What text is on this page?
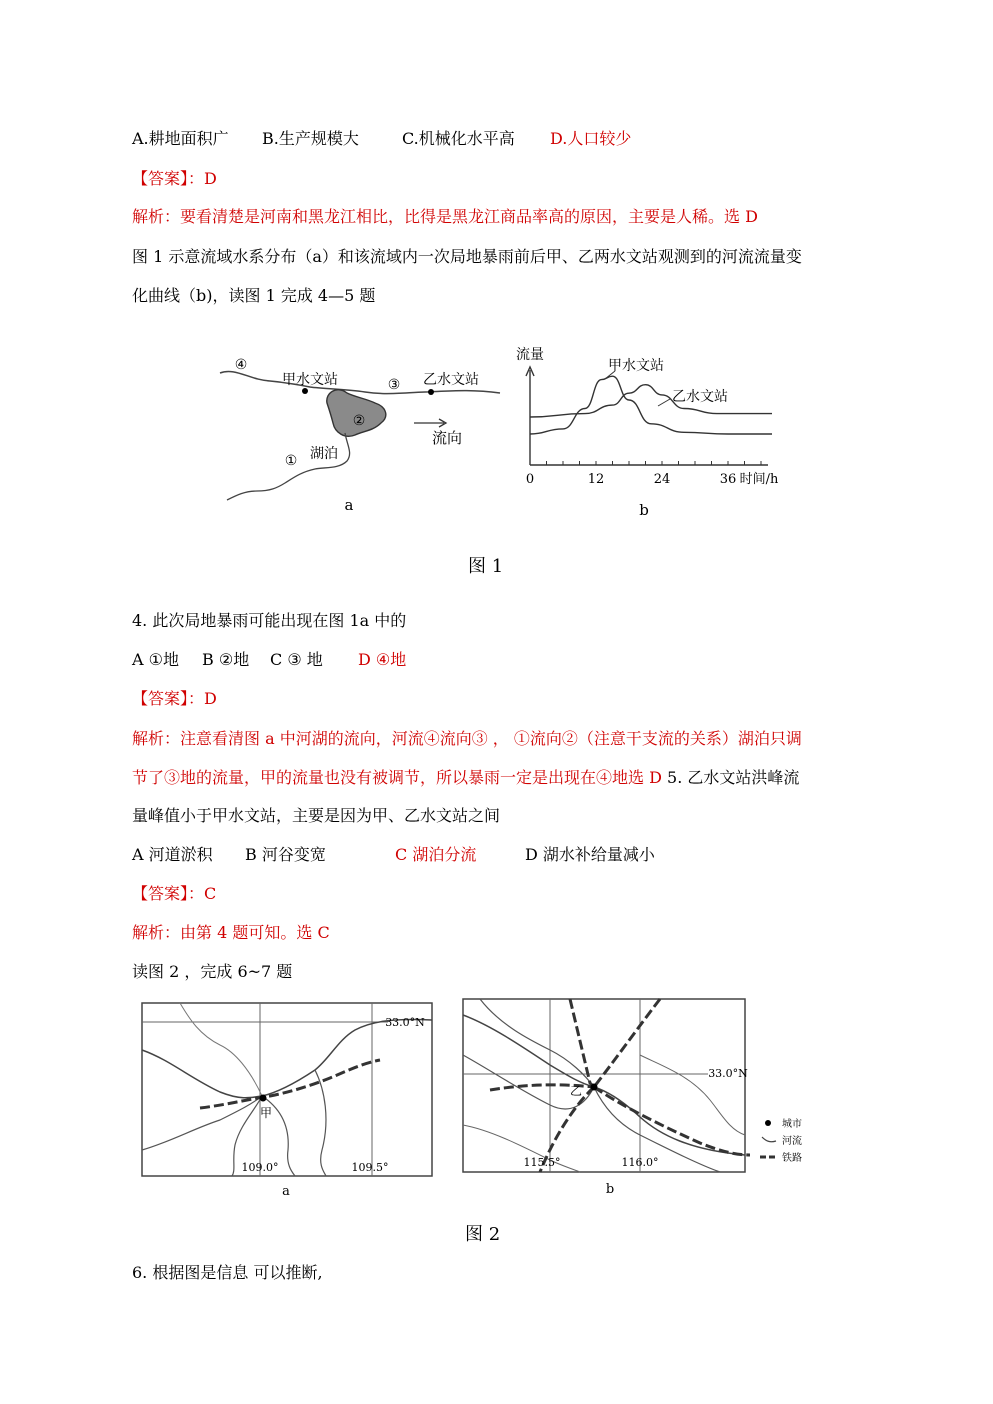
A.耕地面积广 B.生产规模大	C.机械化水平高 D.人口较少
【答案】：D
解析：要看清楚是河南和黑龙江相比，比得是黑龙江商品率高的原因，主要是人稀。选 D
图 1 示意流域水系分布（a）和该流域内一次局地暴雨前后甲、乙两水文站观测到的河流流量变
化曲线（b)，读图 1 完成 4—5 题
④
甲水文站	③ 乙水文站
②
流向
湖泊
①
a
流量
甲水文站
乙水文站
0	12	24	36 时间/h
b
图 1
4. 此次局地暴雨可能出现在图 1a 中的
A ①地 B ②地 C ③ 地 D ④地
【答案】：D
解析：注意看清图 a 中河湖的流向，河流④流向③ ， ①流向②（注意干支流的关系）湖泊只调
节了③地的流量，甲的流量也没有被调节，所以暴雨一定是出现在④地选 D 5. 乙水文站洪峰流
量峰值小于甲水文站，主要是因为甲、乙水文站之间
A 河道淤积 B 河谷变宽	C 湖泊分流	D 湖水补给量减小
【答案】：C
解析：由第 4 题可知。选 C
读图 2 ，完成 6~7 题
33.0°N
甲
109.0°	109.5°
a
33.0°N
乙
115.5°	116.0°
b
城市
河流
铁路
图 2
6. 根据图是信息 可以推断,
